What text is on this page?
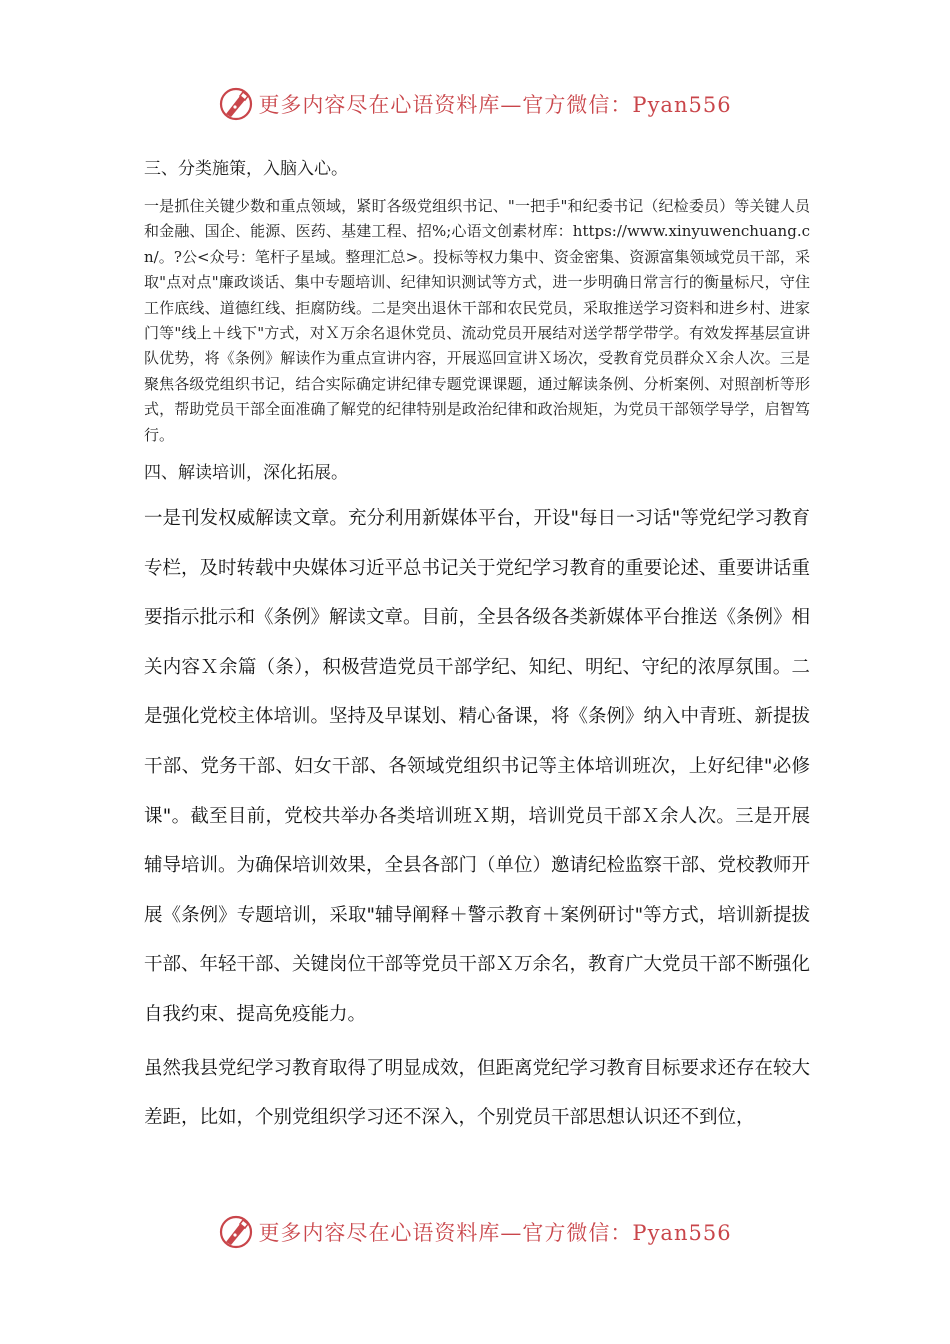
更多内容尽在心语资料库—官方微信：Pyan556
三、分类施策，入脑入心。

一是抓住关键少数和重点领域，紧盯各级党组织书记、"一把手"和纪委书记（纪检委员）等关键人员和金融、国企、能源、医药、基建工程、招%;心语文创素材库：https://www.xinyuwenchuang.cn/。?公<众号：笔杆子星域。整理汇总>。投标等权力集中、资金密集、资源富集领域党员干部，采取"点对点"廉政谈话、集中专题培训、纪律知识测试等方式，进一步明确日常言行的衡量标尺，守住工作底线、道德红线、拒腐防线。二是突出退休干部和农民党员，采取推送学习资料和进乡村、进家门等"线上＋线下"方式，对Ｘ万余名退休党员、流动党员开展结对送学帮学带学。有效发挥基层宣讲队优势，将《条例》解读作为重点宣讲内容，开展巡回宣讲Ｘ场次，受教育党员群众Ｘ余人次。三是聚焦各级党组织书记，结合实际确定讲纪律专题党课课题，通过解读条例、分析案例、对照剖析等形式，帮助党员干部全面准确了解党的纪律特别是政治纪律和政治规矩，为党员干部领学导学，启智笃行。

四、解读培训，深化拓展。

一是刊发权威解读文章。充分利用新媒体平台，开设"每日一习话"等党纪学习教育专栏，及时转载中央媒体习近平总书记关于党纪学习教育的重要论述、重要讲话重要指示批示和《条例》解读文章。目前，全县各级各类新媒体平台推送《条例》相关内容Ｘ余篇（条），积极营造党员干部学纪、知纪、明纪、守纪的浓厚氛围。二是强化党校主体培训。坚持及早谋划、精心备课，将《条例》纳入中青班、新提拔干部、党务干部、妇女干部、各领域党组织书记等主体培训班次，上好纪律"必修课"。截至目前，党校共举办各类培训班Ｘ期，培训党员干部Ｘ余人次。三是开展辅导培训。为确保培训效果，全县各部门（单位）邀请纪检监察干部、党校教师开展《条例》专题培训，采取"辅导阐释＋警示教育＋案例研讨"等方式，培训新提拔干部、年轻干部、关键岗位干部等党员干部Ｘ万余名，教育广大党员干部不断强化自我约束、提高免疫能力。

虽然我县党纪学习教育取得了明显成效，但距离党纪学习教育目标要求还存在较大差距，比如，个别党组织学习还不深入，个别党员干部思想认识还不到位，

更多内容尽在心语资料库—官方微信：Pyan556
